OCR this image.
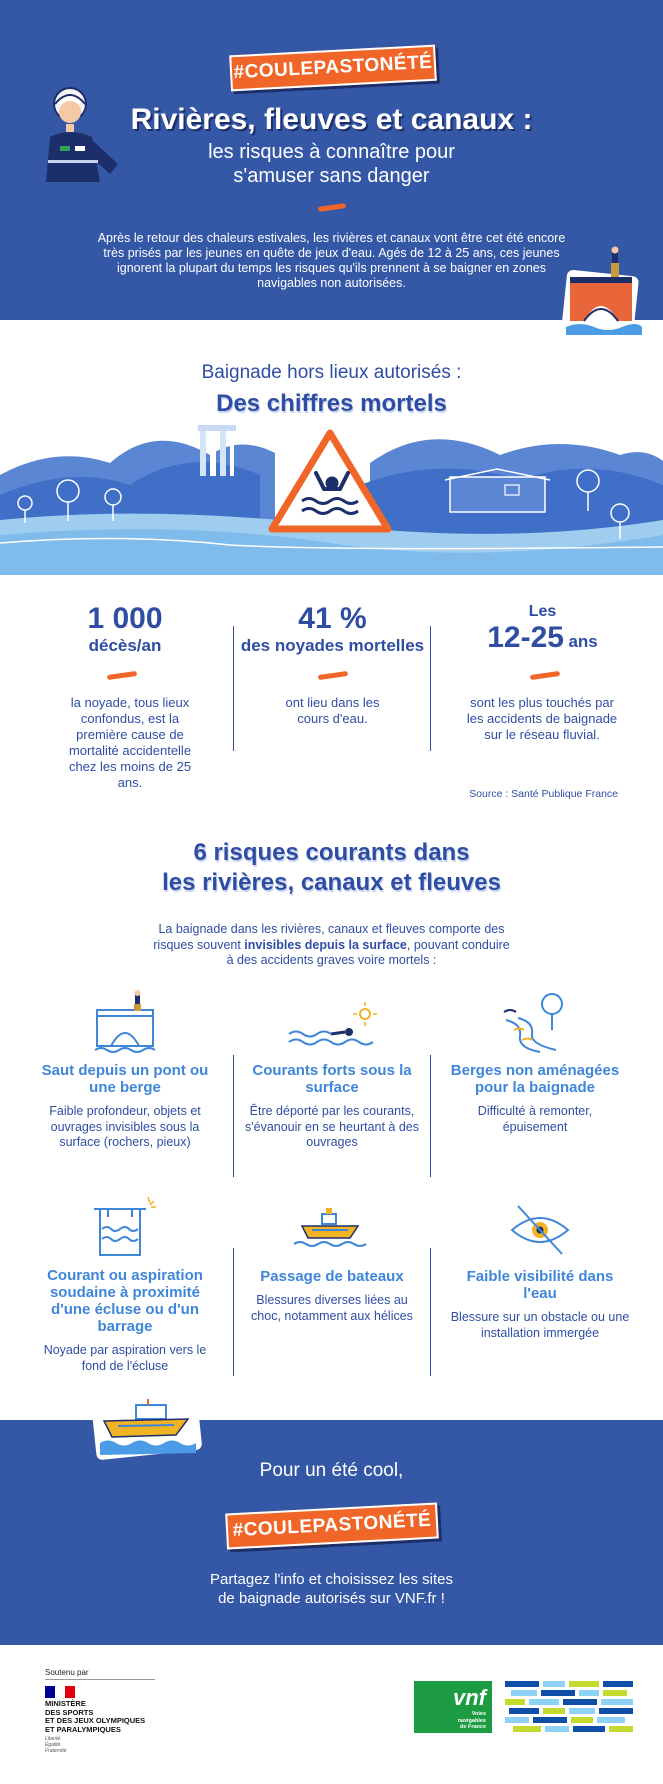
#COULEPASTONÉTÉ
Rivières, fleuves et canaux :
les risques à connaître pour
s'amuser sans danger
Après le retour des chaleurs estivales, les rivières et canaux vont être cet été encore très prisés par les jeunes en quête de jeux d'eau. Agés de 12 à 25 ans, ces jeunes ignorent la plupart du temps les risques qu'ils prennent à se baigner en zones navigables non autorisées.
Baignade hors lieux autorisés :
Des chiffres mortels
1 000
décès/an
la noyade, tous lieux confondus, est la première cause de mortalité accidentelle chez les moins de 25 ans.
41 %
des noyades mortelles
ont lieu dans les cours d'eau.
Les
12-25 ans
sont les plus touchés par les accidents de baignade sur le réseau fluvial.
Source : Santé Publique France
6 risques courants dans
les rivières, canaux et fleuves
La baignade dans les rivières, canaux et fleuves comporte des risques souvent invisibles depuis la surface, pouvant conduire à des accidents graves voire mortels :
Saut depuis un pont ou une berge
Faible profondeur, objets et ouvrages invisibles sous la surface (rochers, pieux)
Courants forts sous la surface
Être déporté par les courants, s'évanouir en se heurtant à des ouvrages
Berges non aménagées pour la baignade
Difficulté à remonter, épuisement
Courant ou aspiration soudaine à proximité d'une écluse ou d'un barrage
Noyade par aspiration vers le fond de l'écluse
Passage de bateaux
Blessures diverses liées au choc, notamment aux hélices
Faible visibilité dans l'eau
Blessure sur un obstacle ou une installation immergée
Pour un été cool,
#COULEPASTONÉTÉ
Partagez l'info et choisissez les sites
de baignade autorisés sur VNF.fr !
Soutenu par
MINISTÈRE
DES SPORTS
ET DES JEUX OLYMPIQUES
ET PARALYMPIQUES
Liberté
Égalité
Fraternité
vnf
Voies
navigables
de France
